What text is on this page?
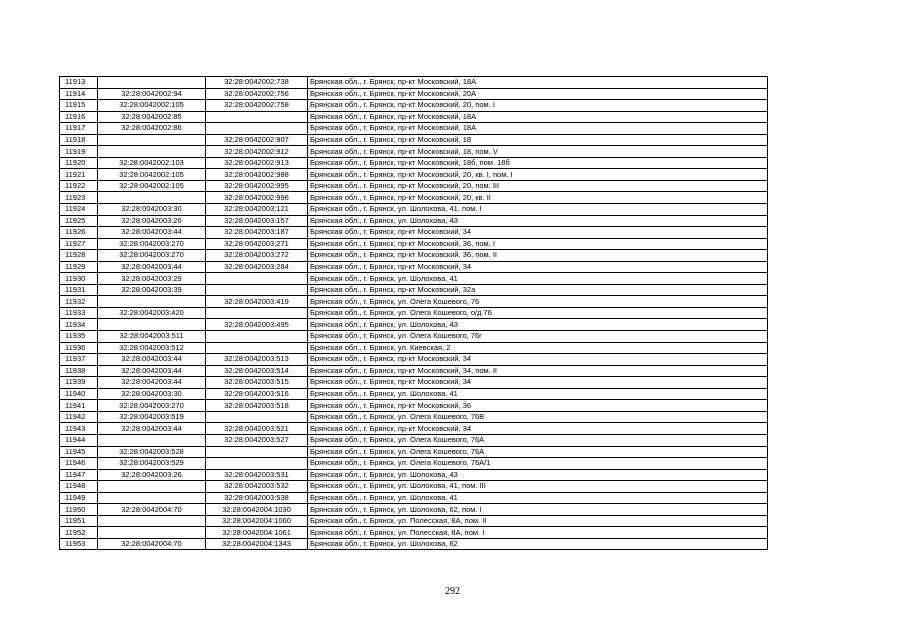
11913		32:28:0042002:738	Брянская обл., г. Брянск, пр-кт Московский, 18А
11914	32:28:0042002:94	32:28:0042002:756	Брянская обл., г. Брянск, пр-кт Московский, 20А
11915	32:28:0042002:105	32:28:0042002:758	Брянская обл., г. Брянск, пр-кт Московский, 20, пом. I
11916	32:28:0042002:85		Брянская обл., г. Брянск, пр-кт Московский, 18А
11917	32:28:0042002:86		Брянская обл., г. Брянск, пр-кт Московский, 18А
11918		32:28:0042002:907	Брянская обл., г. Брянск, пр-кт Московский, 18
11919		32:28:0042002:912	Брянская обл., г. Брянск, пр-кт Московский, 18, пом. V
11920	32:28:0042002:103	32:28:0042002:913	Брянская обл., г. Брянск, пр-кт Московский, 18б, пом. 18б
11921	32:28:0042002:105	32:28:0042002:988	Брянская обл., г. Брянск, пр-кт Московский, 20, кв. I, пом. I
11922	32:28:0042002:105	32:28:0042002:995	Брянская обл., г. Брянск, пр-кт Московский, 20, пом. III
11923		32:28:0042002:996	Брянская обл., г. Брянск, пр-кт Московский, 20, кв. II
11924	32:28:0042003:30	32:28:0042003:121	Брянская обл., г. Брянск, ул. Шолохова, 41, пом. I
11925	32:28:0042003:26	32:28:0042003:157	Брянская обл., г. Брянск, ул. Шолохова, 43
11926	32:28:0042003:44	32:28:0042003:187	Брянская обл., г. Брянск, пр-кт Московский, 34
11927	32:28:0042003:270	32:28:0042003:271	Брянская обл., г. Брянск, пр-кт Московский, 36, пом. I
11928	32:28:0042003:270	32:28:0042003:272	Брянская обл., г. Брянск, пр-кт Московский, 36, пом. II
11929	32:28:0042003:44	32:28:0042003:284	Брянская обл., г. Брянск, пр-кт Московский, 34
11930	32:28:0042003:29		Брянская обл., г. Брянск, ул. Шолохова, 41
11931	32:28:0042003:39		Брянская обл., г. Брянск, пр-кт Московский, 32а
11932		32:28:0042003:419	Брянская обл., г. Брянск, ул. Олега Кошевого, 76
11933	32:28:0042003:420		Брянская обл., г. Брянск, ул. Олега Кошевого, о/д 76
11934		32:28:0042003:495	Брянская обл., г. Брянск, ул. Шолохова, 43
11935	32:28:0042003:511		Брянская обл., г. Брянск, ул. Олега Кошевого, 76г
11936	32:28:0042003:512		Брянская обл., г. Брянск, ул. Киевская, 2
11937	32:28:0042003:44	32:28:0042003:513	Брянская обл., г. Брянск, пр-кт Московский, 34
11938	32:28:0042003:44	32:28:0042003:514	Брянская обл., г. Брянск, пр-кт Московский, 34, пом. II
11939	32:28:0042003:44	32:28:0042003:515	Брянская обл., г. Брянск, пр-кт Московский, 34
11940	32:28:0042003:30	32:28:0042003:516	Брянская обл., г. Брянск, ул. Шолохова, 41
11941	32:28:0042003:270	32:28:0042003:518	Брянская обл., г. Брянск, пр-кт Московский, 36
11942	32:28:0042003:519		Брянская обл., г. Брянск, ул. Олега Кошевого, 76В
11943	32:28:0042003:44	32:28:0042003:521	Брянская обл., г. Брянск, пр-кт Московский, 34
11944		32:28:0042003:527	Брянская обл., г. Брянск, ул. Олега Кошевого, 76А
11945	32:28:0042003:528		Брянская обл., г. Брянск, ул. Олега Кошевого, 76А
11946	32:28:0042003:529		Брянская обл., г. Брянск, ул. Олега Кошевого, 76А/1
11947	32:28:0042003:26	32:28:0042003:531	Брянская обл., г. Брянск, ул. Шолохова, 43
11948		32:28:0042003:532	Брянская обл., г. Брянск, ул. Шолохова, 41, пом. III
11949		32:28:0042003:538	Брянская обл., г. Брянск, ул. Шолохова, 41
11950	32:28:0042004:70	32:28:0042004:1030	Брянская обл., г. Брянск, ул. Шолохова, 62, пом. I
11951		32:28:0042004:1060	Брянская обл., г. Брянск, ул. Полесская, 8А, пом. II
11952		32:28:0042004:1061	Брянская обл., г. Брянск, ул. Полесская, 8А, пом. I
11953	32:28:0042004:70	32:28:0042004:1343	Брянская обл., г. Брянск, ул. Шолохова, 62
292
